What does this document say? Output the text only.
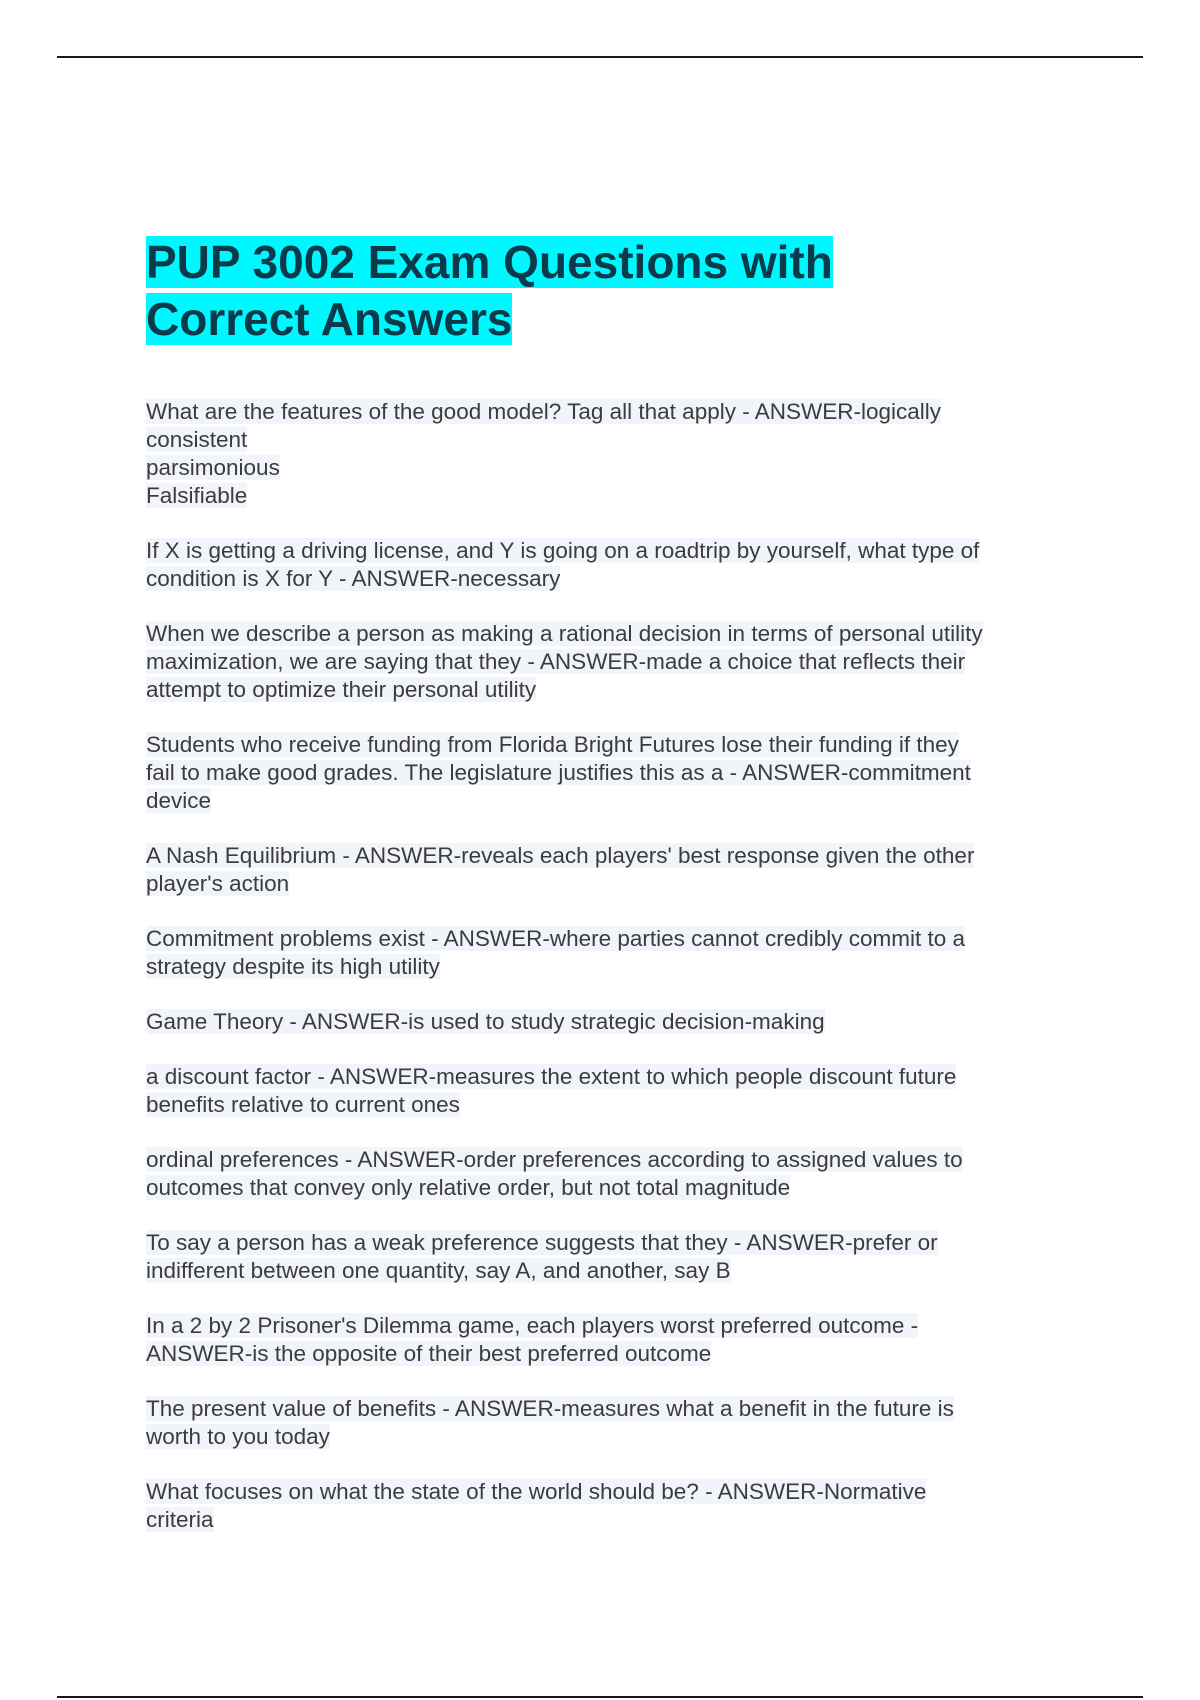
PUP 3002 Exam Questions with
Correct Answers
What are the features of the good model? Tag all that apply - ANSWER-logically
consistent
parsimonious
Falsifiable
If X is getting a driving license, and Y is going on a roadtrip by yourself, what type of
condition is X for Y - ANSWER-necessary
When we describe a person as making a rational decision in terms of personal utility
maximization, we are saying that they - ANSWER-made a choice that reflects their
attempt to optimize their personal utility
Students who receive funding from Florida Bright Futures lose their funding if they
fail to make good grades. The legislature justifies this as a - ANSWER-commitment
device
A Nash Equilibrium - ANSWER-reveals each players' best response given the other
player's action
Commitment problems exist - ANSWER-where parties cannot credibly commit to a
strategy despite its high utility
Game Theory - ANSWER-is used to study strategic decision-making
a discount factor - ANSWER-measures the extent to which people discount future
benefits relative to current ones
ordinal preferences - ANSWER-order preferences according to assigned values to
outcomes that convey only relative order, but not total magnitude
To say a person has a weak preference suggests that they - ANSWER-prefer or
indifferent between one quantity, say A, and another, say B
In a 2 by 2 Prisoner's Dilemma game, each players worst preferred outcome -
ANSWER-is the opposite of their best preferred outcome
The present value of benefits - ANSWER-measures what a benefit in the future is
worth to you today
What focuses on what the state of the world should be? - ANSWER-Normative
criteria
